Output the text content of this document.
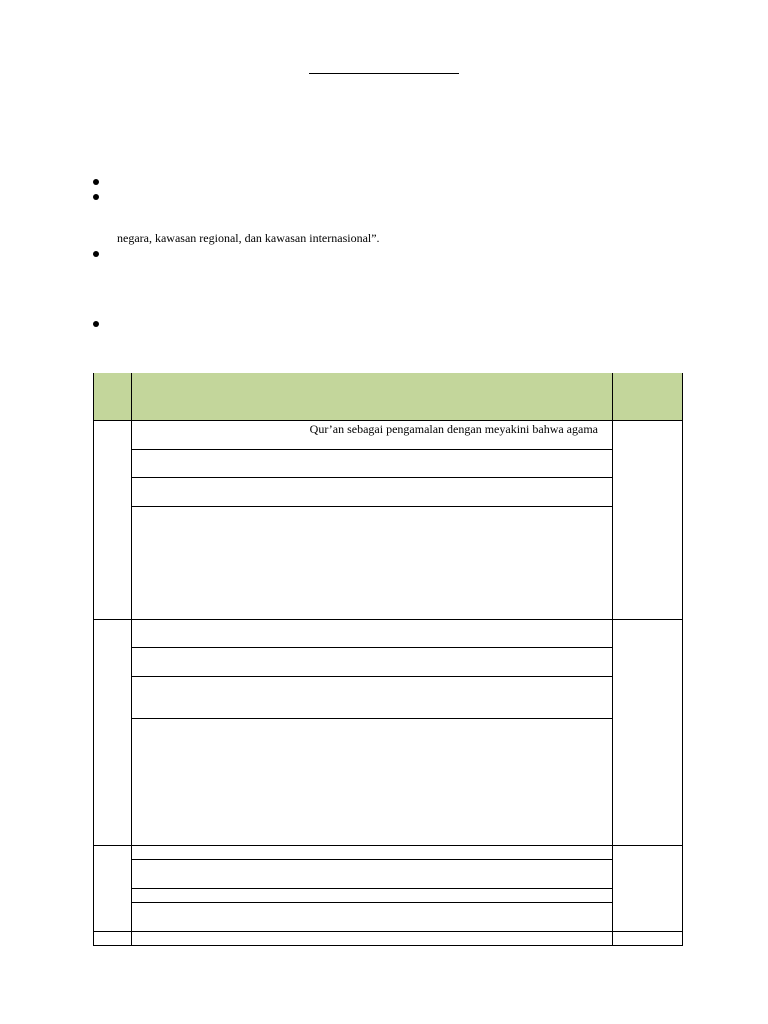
negara, kawasan regional, dan kawasan internasional”.
Qur’an sebagai pengamalan dengan meyakini bahwa agama
